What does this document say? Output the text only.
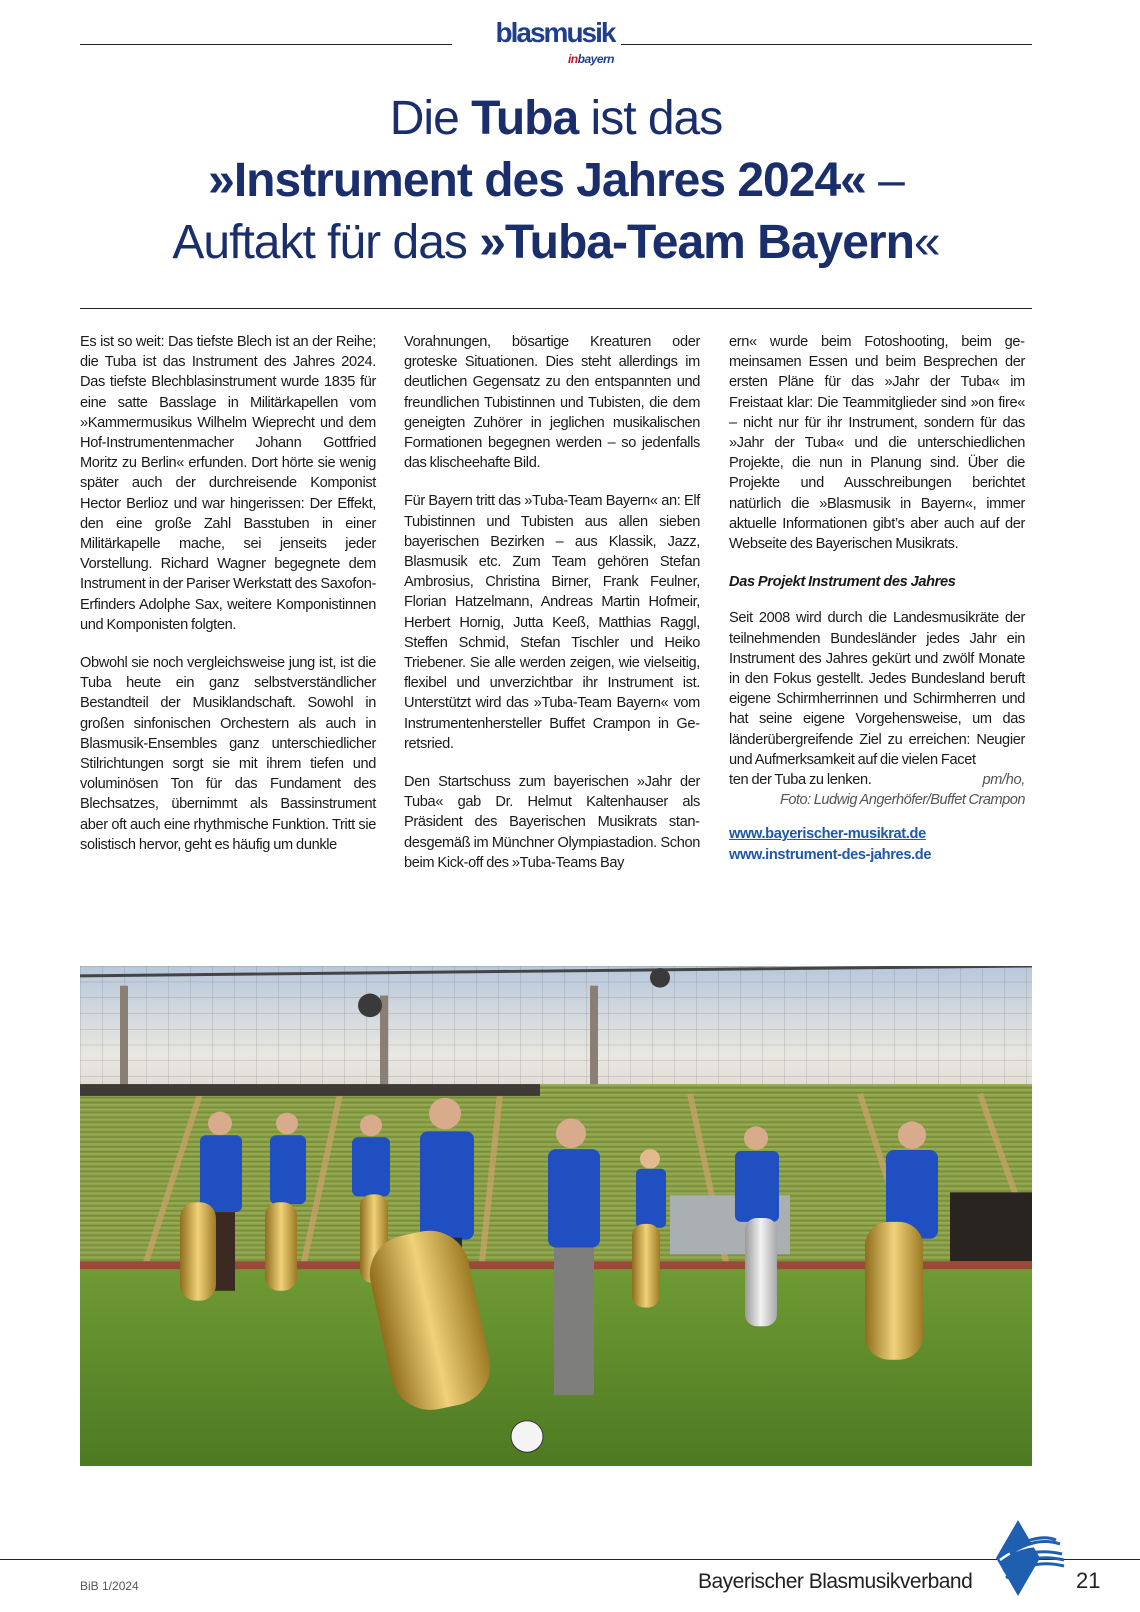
blasmusik
inbayern
Die Tuba ist das
»Instrument des Jahres 2024« –
Auftakt für das »Tuba-Team Bayern«

Es ist so weit: Das tiefste Blech ist an der Reihe; die Tuba ist das Instrument des Jahres 2024. Das tiefste Blechblasinstrument wurde 1835 für eine satte Basslage in Militärkapellen vom »Kammermusikus Wilhelm Wieprecht und dem Hof-Instrumentenmacher Johann Gottfried Moritz zu Berlin« erfunden. Dort hörte sie wenig später auch der durchreisende Komponist Hector Berlioz und war hingerissen: Der Effekt, den eine große Zahl Basstuben in einer Militärkapelle mache, sei jenseits jeder Vorstellung. Richard Wagner begegnete dem Instrument in der Pariser Werkstatt des Saxofon-Erfinders Adolphe Sax, weitere Komponistinnen und Komponisten folgten.

Obwohl sie noch vergleichsweise jung ist, ist die Tuba heute ein ganz selbstverständlicher Bestandteil der Musiklandschaft. Sowohl in großen sinfonischen Orchestern als auch in Blasmusik-Ensembles ganz unterschiedlicher Stilrichtungen sorgt sie mit ihrem tiefen und voluminösen Ton für das Fundament des Blechsatzes, übernimmt als Bassinstrument aber oft auch eine rhythmische Funktion. Tritt sie solistisch hervor, geht es häufig um dunkle

Vorahnungen, bösartige Kreaturen oder groteske Situationen. Dies steht allerdings im deutlichen Gegensatz zu den entspannten und freundlichen Tubistinnen und Tubisten, die dem geneigten Zuhörer in jeglichen musikalischen Formationen begegnen werden – so jedenfalls das klischeehafte Bild.

Für Bayern tritt das »Tuba-Team Bayern« an: Elf Tubistinnen und Tubisten aus allen sieben bayerischen Bezirken – aus Klassik, Jazz, Blasmusik etc. Zum Team gehören Stefan Ambrosius, Christina Birner, Frank Feulner, Florian Hatzelmann, Andreas Martin Hofmeir, Herbert Hornig, Jutta Keeß, Matthias Raggl, Steffen Schmid, Stefan Tischler und Heiko Triebener. Sie alle werden zeigen, wie vielseitig, flexibel und unverzichtbar ihr Instrument ist. Unterstützt wird das »Tuba-Team Bayern« vom Instrumentenhersteller Buffet Crampon in Geretsried.

Den Startschuss zum bayerischen »Jahr der Tuba« gab Dr. Helmut Kaltenhauser als Präsident des Bayerischen Musikrats standesgemäß im Münchner Olympiastadion. Schon beim Kick-off des »Tuba-Teams Bay

ern« wurde beim Fotoshooting, beim gemeinsamen Essen und beim Besprechen der ersten Pläne für das »Jahr der Tuba« im Freistaat klar: Die Teammitglieder sind »on fire« – nicht nur für ihr Instrument, sondern für das »Jahr der Tuba« und die unterschiedlichen Projekte, die nun in Planung sind. Über die Projekte und Ausschreibungen berichtet natürlich die »Blasmusik in Bayern«, immer aktuelle Informationen gibt’s aber auch auf der Webseite des Bayerischen Musikrats.

Das Projekt Instrument des Jahres

Seit 2008 wird durch die Landesmusikräte der teilnehmenden Bundesländer jedes Jahr ein Instrument des Jahres gekürt und zwölf Monate in den Fokus gestellt. Jedes Bundesland beruft eigene Schirmherrinnen und Schirmherren und hat seine eigene Vorgehensweise, um das länderübergreifende Ziel zu erreichen: Neugier und Aufmerksamkeit auf die vielen Facet

ten der Tuba zu lenken.	pm/ho,
Foto: Ludwig Angerhöfer/Buffet Crampon
www.bayerischer-musikrat.de
www.instrument-des-jahres.de
BiB 1/2024	Bayerischer Blasmusikverband	21
